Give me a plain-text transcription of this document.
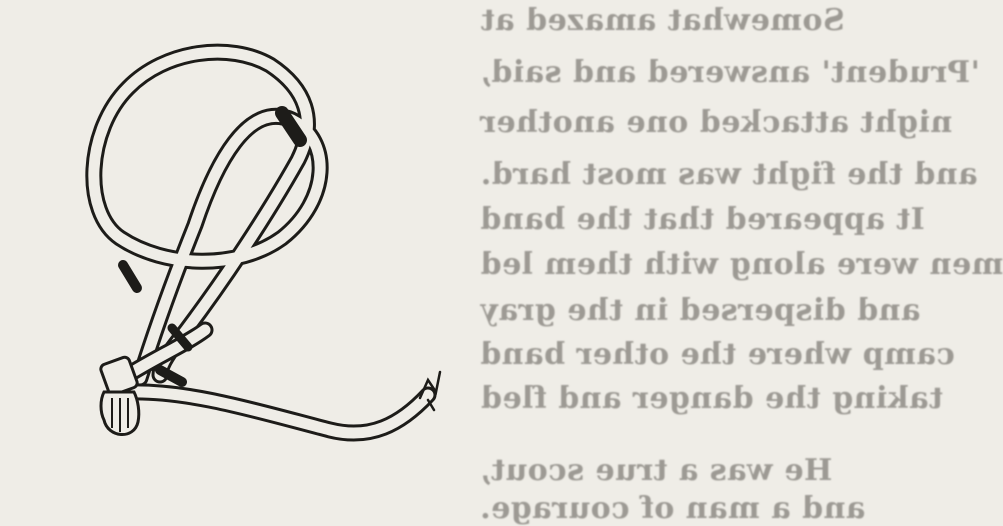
Somewhat amazed at
'Prudent' answered and said,
night attacked one another
and the fight was most hard.
It appeared that the band
men were along with them led
and dispersed in the gray
camp where the other band
taking the danger and fled
He was a true scout,
and a man of courage.
